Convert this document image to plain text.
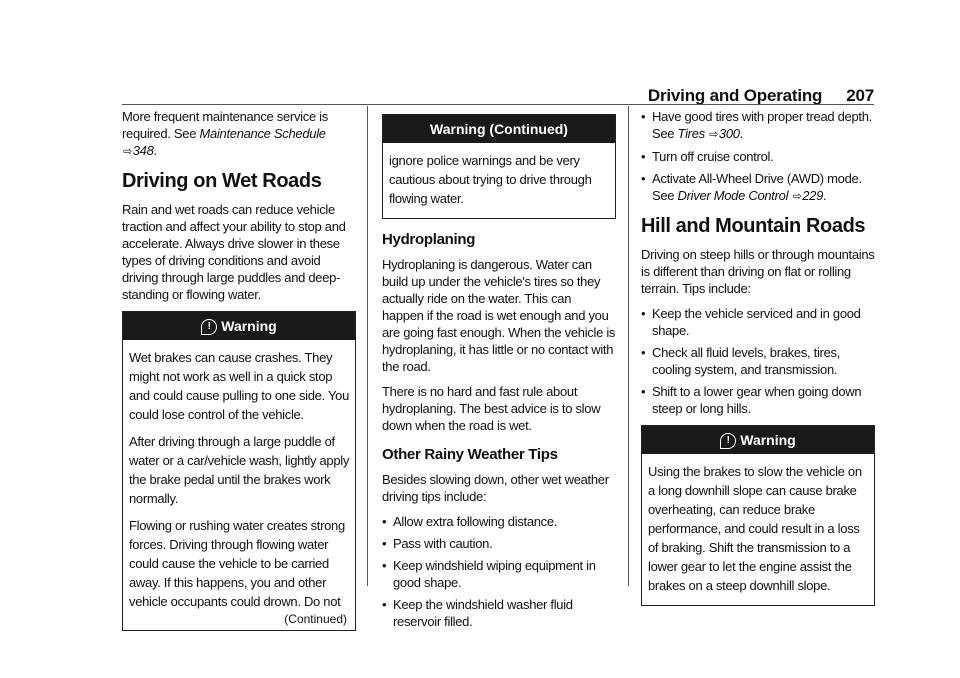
Driving and Operating 207

More frequent maintenance service is required. See Maintenance Schedule ⇨348.

Driving on Wet Roads

Rain and wet roads can reduce vehicle traction and affect your ability to stop and accelerate. Always drive slower in these types of driving conditions and avoid driving through large puddles and deep-standing or flowing water.

! Warning

Wet brakes can cause crashes. They might not work as well in a quick stop and could cause pulling to one side. You could lose control of the vehicle.

After driving through a large puddle of water or a car/vehicle wash, lightly apply the brake pedal until the brakes work normally.

Flowing or rushing water creates strong forces. Driving through flowing water could cause the vehicle to be carried away. If this happens, you and other vehicle occupants could drown. Do not

(Continued)
Warning (Continued)

ignore police warnings and be very cautious about trying to drive through flowing water.

Hydroplaning

Hydroplaning is dangerous. Water can build up under the vehicle's tires so they actually ride on the water. This can happen if the road is wet enough and you are going fast enough. When the vehicle is hydroplaning, it has little or no contact with the road.

There is no hard and fast rule about hydroplaning. The best advice is to slow down when the road is wet.

Other Rainy Weather Tips

Besides slowing down, other wet weather driving tips include:

• Allow extra following distance.
• Pass with caution.
• Keep windshield wiping equipment in good shape.
• Keep the windshield washer fluid reservoir filled.
• Have good tires with proper tread depth. See Tires ⇨300.
• Turn off cruise control.
• Activate All-Wheel Drive (AWD) mode. See Driver Mode Control ⇨229.
Hill and Mountain Roads

Driving on steep hills or through mountains is different than driving on flat or rolling terrain. Tips include:

• Keep the vehicle serviced and in good shape.
• Check all fluid levels, brakes, tires, cooling system, and transmission.
• Shift to a lower gear when going down steep or long hills.
! Warning

Using the brakes to slow the vehicle on a long downhill slope can cause brake overheating, can reduce brake performance, and could result in a loss of braking. Shift the transmission to a lower gear to let the engine assist the brakes on a steep downhill slope.
